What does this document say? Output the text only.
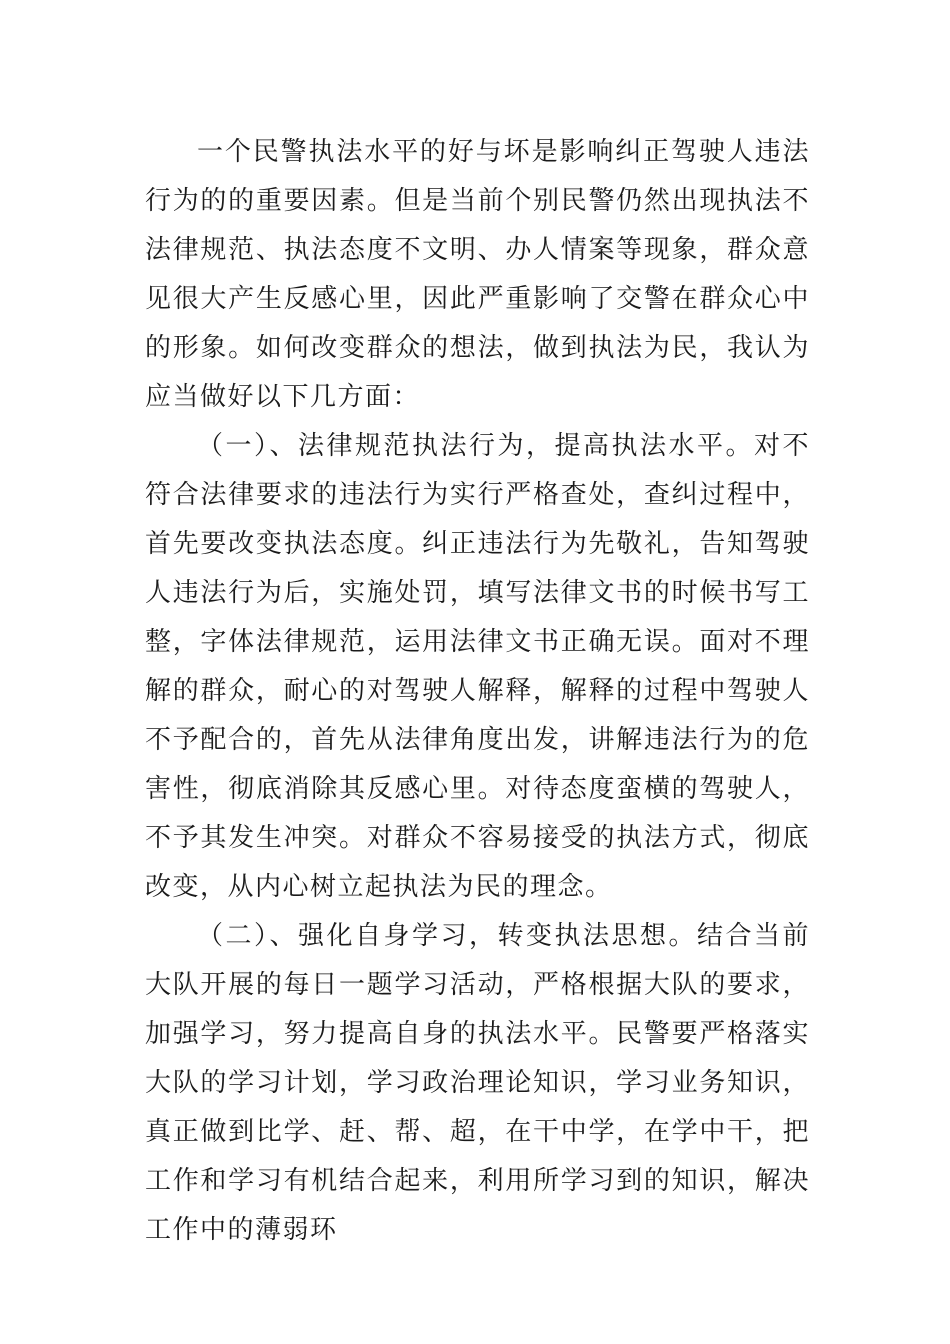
一个民警执法水平的好与坏是影响纠正驾驶人违法行为的的重要因素。但是当前个别民警仍然出现执法不法律规范、执法态度不文明、办人情案等现象，群众意见很大产生反感心里，因此严重影响了交警在群众心中的形象。如何改变群众的想法，做到执法为民，我认为应当做好以下几方面：

（一）、法律规范执法行为，提高执法水平。对不符合法律要求的违法行为实行严格查处，查纠过程中，首先要改变执法态度。纠正违法行为先敬礼，告知驾驶人违法行为后，实施处罚，填写法律文书的时候书写工整，字体法律规范，运用法律文书正确无误。面对不理解的群众，耐心的对驾驶人解释，解释的过程中驾驶人不予配合的，首先从法律角度出发，讲解违法行为的危害性，彻底消除其反感心里。对待态度蛮横的驾驶人，不予其发生冲突。对群众不容易接受的执法方式，彻底改变，从内心树立起执法为民的理念。

（二）、强化自身学习，转变执法思想。结合当前大队开展的每日一题学习活动，严格根据大队的要求，加强学习，努力提高自身的执法水平。民警要严格落实大队的学习计划，学习政治理论知识，学习业务知识，真正做到比学、赶、帮、超，在干中学，在学中干，把工作和学习有机结合起来，利用所学习到的知识，解决工作中的薄弱环
